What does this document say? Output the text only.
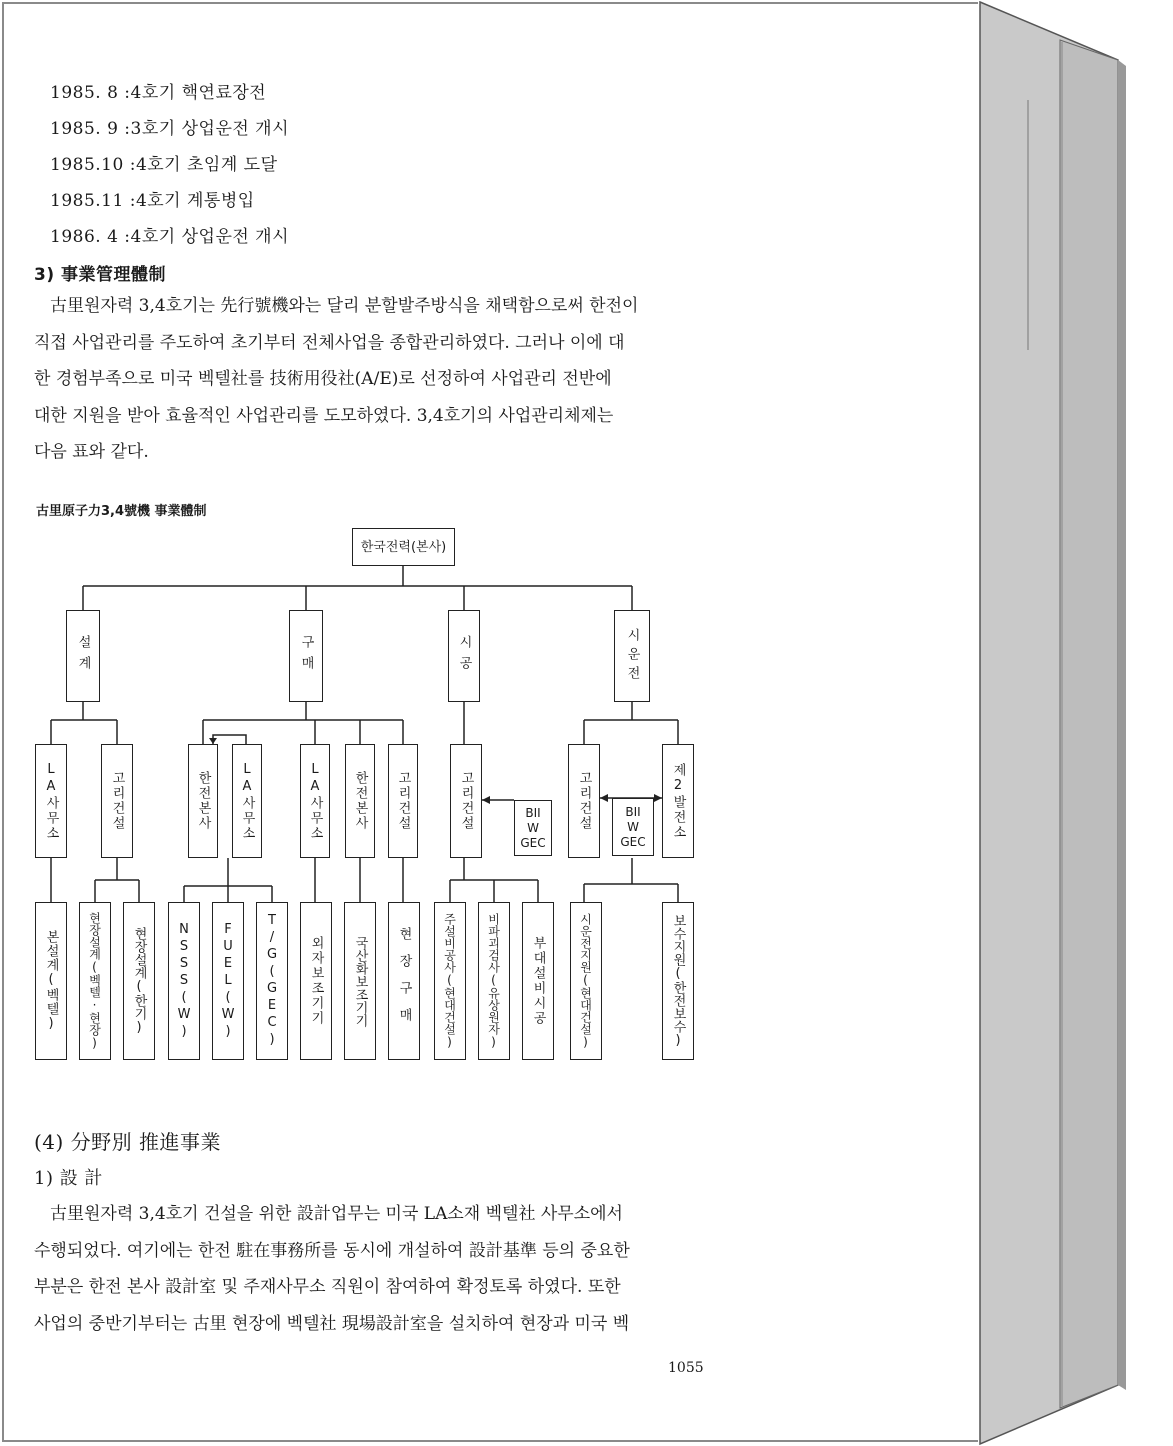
1985. 8 :4호기 핵연료장전
1985. 9 :3호기 상업운전 개시
1985.10 :4호기 초임계 도달
1985.11 :4호기 계통병입
1986. 4 :4호기 상업운전 개시
3) 事業管理體制
古里원자력 3,4호기는 先行號機와는 달리 분할발주방식을 채택함으로써 한전이
직접 사업관리를 주도하여 초기부터 전체사업을 종합관리하였다. 그러나 이에 대
한 경험부족으로 미국 벡텔社를 技術用役社(A/E)로 선정하여 사업관리 전반에
대한 지원을 받아 효율적인 사업관리를 도모하였다. 3,4호기의 사업관리체제는
다음 표와 같다.
古里原子力3,4號機 事業體制
한국전력(본사)
설계	구매	시공	시운전
LA사무소	고리건설	한전본사 LA사무소	LA사무소 한전본사 고리건설	고리건설	BII W GEC
고리건설	BII W GEC
제2발전소
본설계(벡텔) 현장설계(벡텔·현장) 현장설계(한기) NSSS(W) FUEL(W) T/G(GEC) 외자보조기기 국산화보조기기 현장구매	주설비공사(현대건설)	비파괴검사(유상원자) 부대설비시공	시운전지원(현대건설)	보수지원(한전보수)
(4) 分野別 推進事業
1) 設 計
古里원자력 3,4호기 건설을 위한 設計업무는 미국 LA소재 벡텔社 사무소에서
수행되었다. 여기에는 한전 駐在事務所를 동시에 개설하여 設計基準 등의 중요한
부분은 한전 본사 設計室 및 주재사무소 직원이 참여하여 확정토록 하였다. 또한
사업의 중반기부터는 古里 현장에 벡텔社 現場設計室을 설치하여 현장과 미국 벡
1055
